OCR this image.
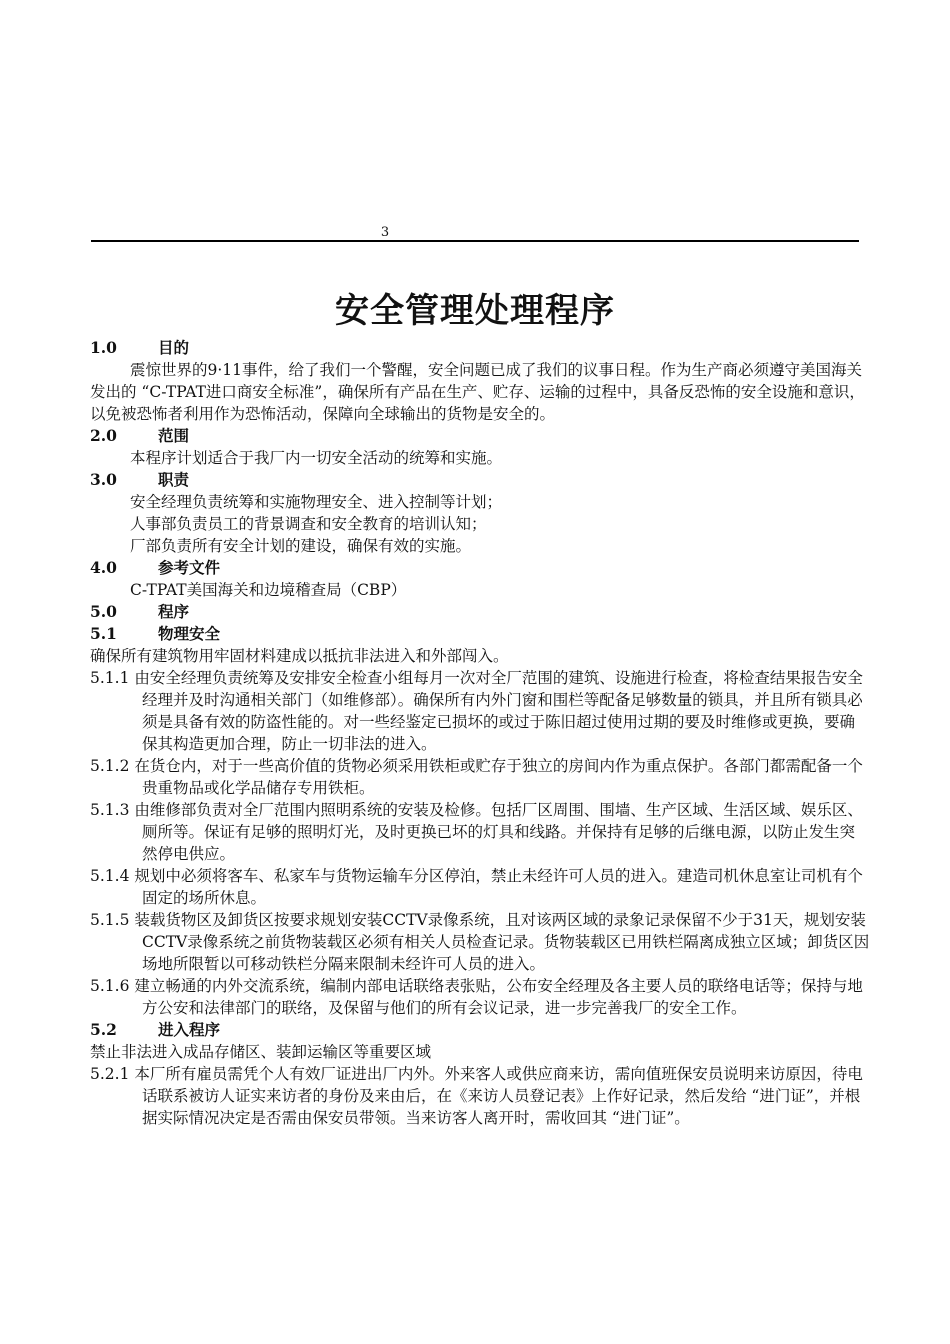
3
安全管理处理程序
1.0	目的

震惊世界的9·11事件，给了我们一个警醒，安全问题已成了我们的议事日程。作为生产商必须遵守美国海关发出的 “C-TPAT进口商安全标准”，确保所有产品在生产、贮存、运输的过程中，具备反恐怖的安全设施和意识，以免被恐怖者利用作为恐怖活动，保障向全球输出的货物是安全的。

2.0	范围

本程序计划适合于我厂内一切安全活动的统筹和实施。

3.0	职责

安全经理负责统筹和实施物理安全、进入控制等计划；

人事部负责员工的背景调查和安全教育的培训认知；

厂部负责所有安全计划的建设，确保有效的实施。

4.0	参考文件

C-TPAT美国海关和边境稽查局（CBP）

5.0	程序
5.1	物理安全

确保所有建筑物用牢固材料建成以抵抗非法进入和外部闯入。

5.1.1 由安全经理负责统筹及安排安全检查小组每月一次对全厂范围的建筑、设施进行检查，将检查结果报告安全经理并及时沟通相关部门（如维修部）。确保所有内外门窗和围栏等配备足够数量的锁具，并且所有锁具必须是具备有效的防盗性能的。对一些经鉴定已损坏的或过于陈旧超过使用过期的要及时维修或更换，要确保其构造更加合理，防止一切非法的进入。

5.1.2 在货仓内，对于一些高价值的货物必须采用铁柜或贮存于独立的房间内作为重点保护。各部门都需配备一个贵重物品或化学品储存专用铁柜。

5.1.3 由维修部负责对全厂范围内照明系统的安装及检修。包括厂区周围、围墙、生产区域、生活区域、娱乐区、厕所等。保证有足够的照明灯光，及时更换已坏的灯具和线路。并保持有足够的后继电源，以防止发生突然停电供应。

5.1.4 规划中必须将客车、私家车与货物运输车分区停泊，禁止未经许可人员的进入。建造司机休息室让司机有个固定的场所休息。

5.1.5 装载货物区及卸货区按要求规划安装CCTV录像系统，且对该两区域的录象记录保留不少于31天，规划安装CCTV录像系统之前货物装载区必须有相关人员检查记录。货物装载区已用铁栏隔离成独立区域；卸货区因场地所限暂以可移动铁栏分隔来限制未经许可人员的进入。

5.1.6 建立畅通的内外交流系统，编制内部电话联络表张贴，公布安全经理及各主要人员的联络电话等；保持与地方公安和法律部门的联络，及保留与他们的所有会议记录，进一步完善我厂的安全工作。

5.2	进入程序

禁止非法进入成品存储区、装卸运输区等重要区域

5.2.1 本厂所有雇员需凭个人有效厂证进出厂内外。外来客人或供应商来访，需向值班保安员说明来访原因，待电话联系被访人证实来访者的身份及来由后，在《来访人员登记表》上作好记录，然后发给 “进门证”，并根据实际情况决定是否需由保安员带领。当来访客人离开时，需收回其 “进门证”。
